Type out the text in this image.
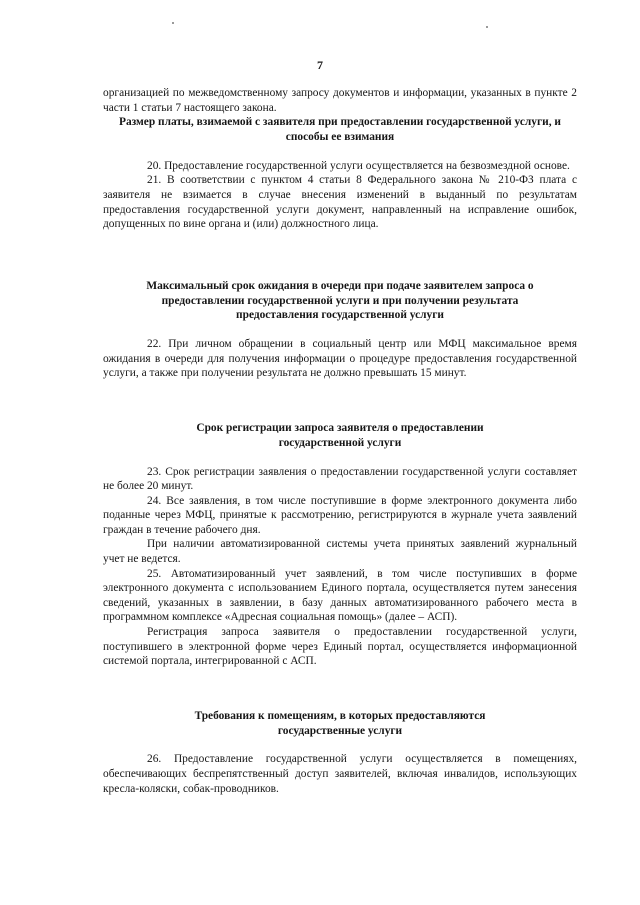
7

организацией по межведомственному запросу документов и информации, указанных в пункте 2 части 1 статьи 7 настоящего закона.

Размер платы, взимаемой с заявителя при предоставлении государственной услуги, и способы ее взимания

20. Предоставление государственной услуги осуществляется на безвозмездной основе.

21. В соответствии с пунктом 4 статьи 8 Федерального закона № 210-ФЗ плата с заявителя не взимается в случае внесения изменений в выданный по результатам предоставления государственной услуги документ, направленный на исправление ошибок, допущенных по вине органа и (или) должностного лица.

Максимальный срок ожидания в очереди при подаче заявителем запроса о предоставлении государственной услуги и при получении результата предоставления государственной услуги

22. При личном обращении в социальный центр или МФЦ максимальное время ожидания в очереди для получения информации о процедуре предоставления государственной услуги, а также при получении результата не должно превышать 15 минут.

Срок регистрации запроса заявителя о предоставлении государственной услуги

23. Срок регистрации заявления о предоставлении государственной услуги составляет не более 20 минут.

24. Все заявления, в том числе поступившие в форме электронного документа либо поданные через МФЦ, принятые к рассмотрению, регистрируются в журнале учета заявлений граждан в течение рабочего дня.

При наличии автоматизированной системы учета принятых заявлений журнальный учет не ведется.

25. Автоматизированный учет заявлений, в том числе поступивших в форме электронного документа с использованием Единого портала, осуществляется путем занесения сведений, указанных в заявлении, в базу данных автоматизированного рабочего места в программном комплексе «Адресная социальная помощь» (далее – АСП).

Регистрация запроса заявителя о предоставлении государственной услуги, поступившего в электронной форме через Единый портал, осуществляется информационной системой портала, интегрированной с АСП.

Требования к помещениям, в которых предоставляются государственные услуги

26. Предоставление государственной услуги осуществляется в помещениях, обеспечивающих беспрепятственный доступ заявителей, включая инвалидов, использующих кресла-коляски, собак-проводников.
